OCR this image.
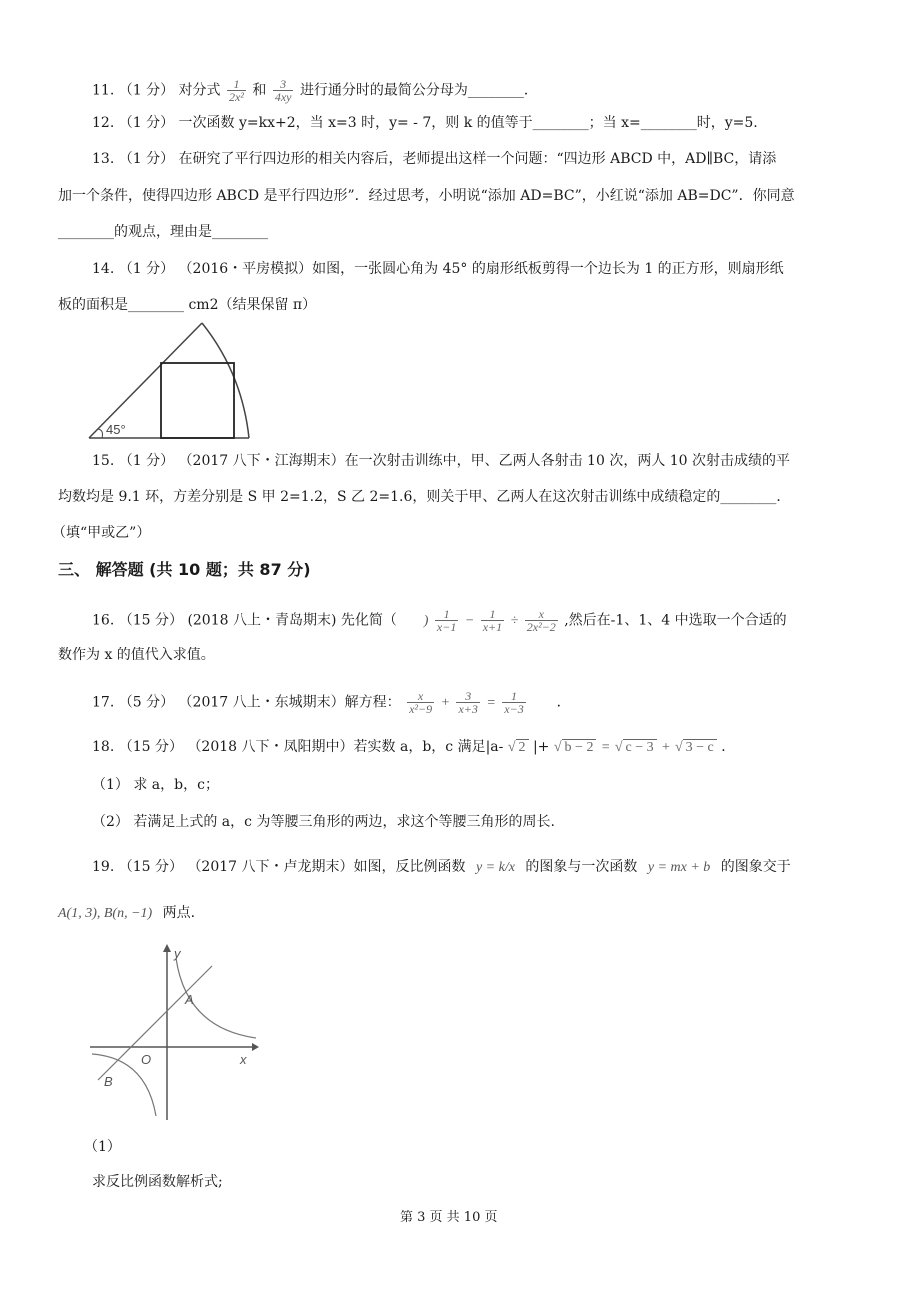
11. （1 分） 对分式 $\frac{1}{\text{2x²}}$ 和 $\frac{3}{4xy}$ 进行通分时的最简公分母为________．
12. （1 分） 一次函数 y=kx+2，当 x=3 时，y= - 7，则 k 的值等于________；当 x=________时，y=5.
13. （1 分） 在研究了平行四边形的相关内容后，老师提出这样一个问题：“四边形 ABCD 中，AD∥BC，请添
加一个条件，使得四边形 ABCD 是平行四边形”．经过思考，小明说“添加 AD=BC”，小红说“添加 AB=DC”．你同意
________的观点，理由是________
14. （1 分） （2016・平房模拟）如图，一张圆心角为 45° 的扇形纸板剪得一个边长为 1 的正方形，则扇形纸
板的面积是________ cm2（结果保留 π）
45°
15. （1 分） （2017 八下・江海期末）在一次射击训练中，甲、乙两人各射击 10 次，两人 10 次射击成绩的平
均数均是 9.1 环，方差分别是 S 甲 2=1.2，S 乙 2=1.6，则关于甲、乙两人在这次射击训练中成绩稳定的________．
（填“甲或乙”）
三、 解答题 (共 10 题；共 87 分)
16. （15 分） (2018 八上・青岛期末) 先化简（ ) $\frac{1}{x-1} - \frac{1}{x+1} \div \frac{x}{\text{2x²−2}}$ ,然后在-1、1、4 中选取一个合适的
数作为 x 的值代入求值。
17. （5 分） （2017 八上・东城期末）解方程： $\frac{x}{\text{x²−9}} + \frac{3}{x+3} = \frac{1}{x-3}$ ．
18. （15 分） （2018 八下・凤阳期中）若实数 a，b，c 满足|a- √ 2 |+ √ b − 2 = √ c − 3 + √ 3 − c ．
（1） 求 a，b，c；
（2） 若满足上式的 a，c 为等腰三角形的两边，求这个等腰三角形的周长.
19. （15 分） （2017 八下・卢龙期末）如图，反比例函数 y = k/x 的图象与一次函数 y = mx + b 的图象交于
A(1, 3), B(n, −1) 两点.
y
x
O
A
B
（1）
求反比例函数解析式;
第 3 页 共 10 页
